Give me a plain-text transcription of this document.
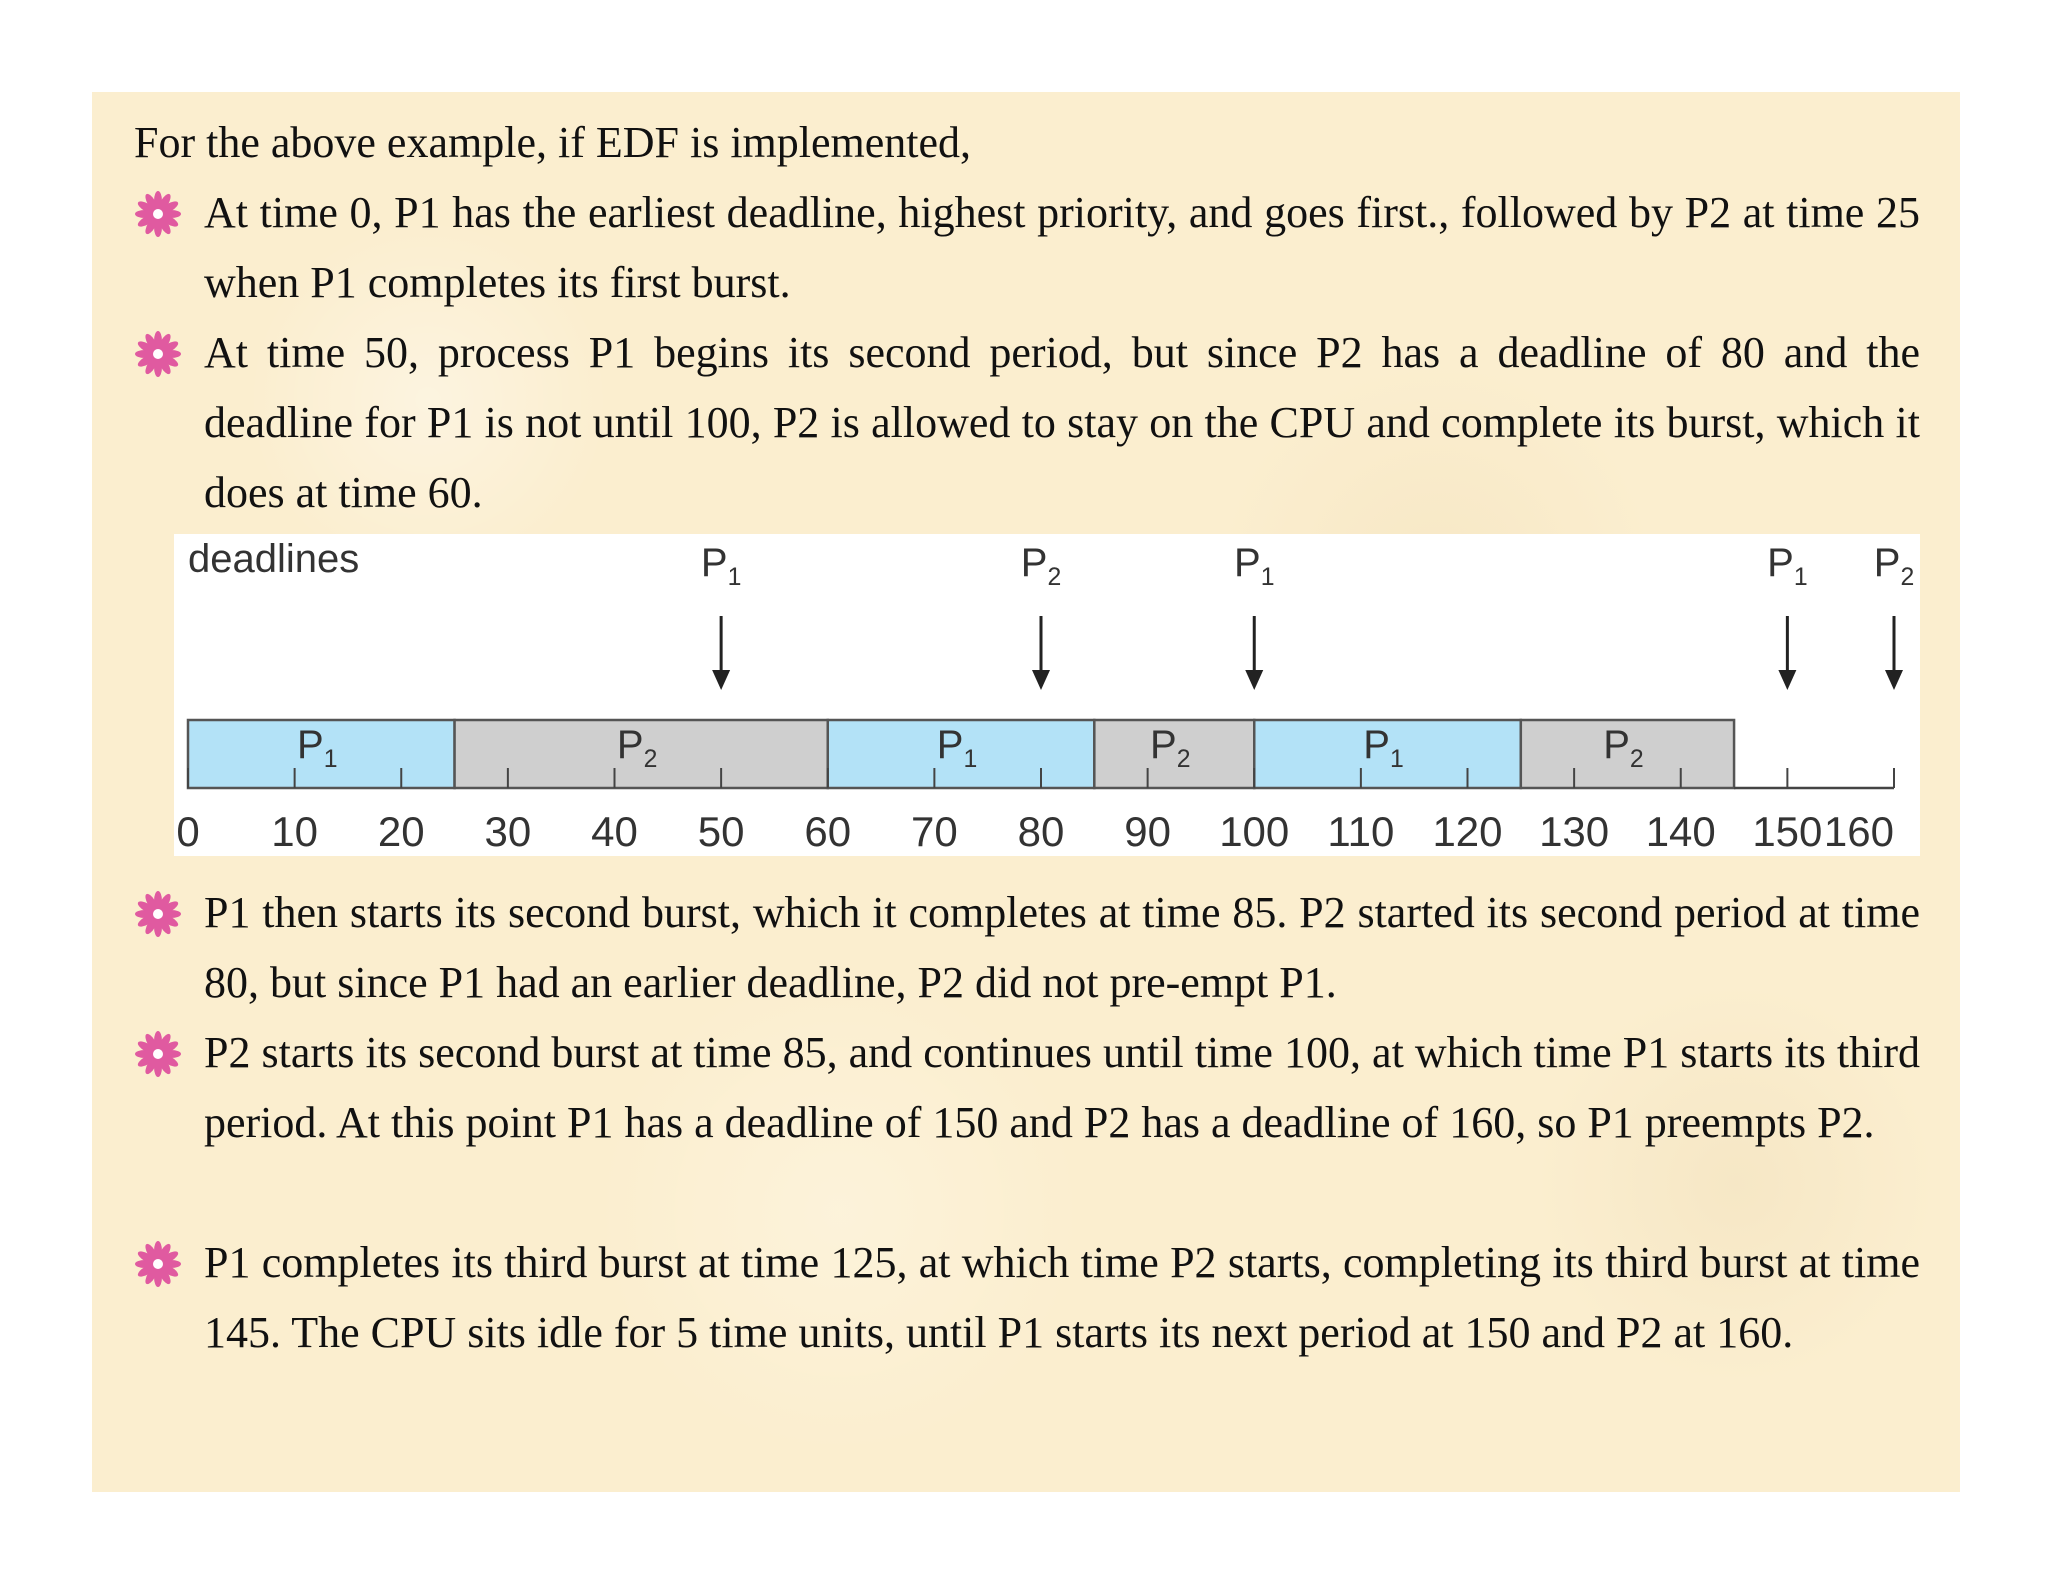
For the above example, if EDF is implemented,
At time 0, P1 has the earliest deadline, highest priority, and goes first., followed by P2 at time 25 when P1 completes its first burst.
At time 50, process P1 begins its second period, but since P2 has a deadline of 80 and the deadline for P1 is not until 100, P2 is allowed to stay on the CPU and complete its burst, which it does at time 60.
deadlines	$P_1$	$P_2$	$P_1$	$P_1$ $P_2$
$P_1$	$P_2$	$P_1$	$P_2$	$P_1$	$P_2$
0 10 20 30 40 50 60 70 80 90 100 110 120 130 140 150 160
P1 then starts its second burst, which it completes at time 85. P2 started its second period at time 80, but since P1 had an earlier deadline, P2 did not pre-empt P1.
P2 starts its second burst at time 85, and continues until time 100, at which time P1 starts its third period. At this point P1 has a deadline of 150 and P2 has a deadline of 160, so P1 preempts P2.
P1 completes its third burst at time 125, at which time P2 starts, completing its third burst at time 145. The CPU sits idle for 5 time units, until P1 starts its next period at 150 and P2 at 160.
